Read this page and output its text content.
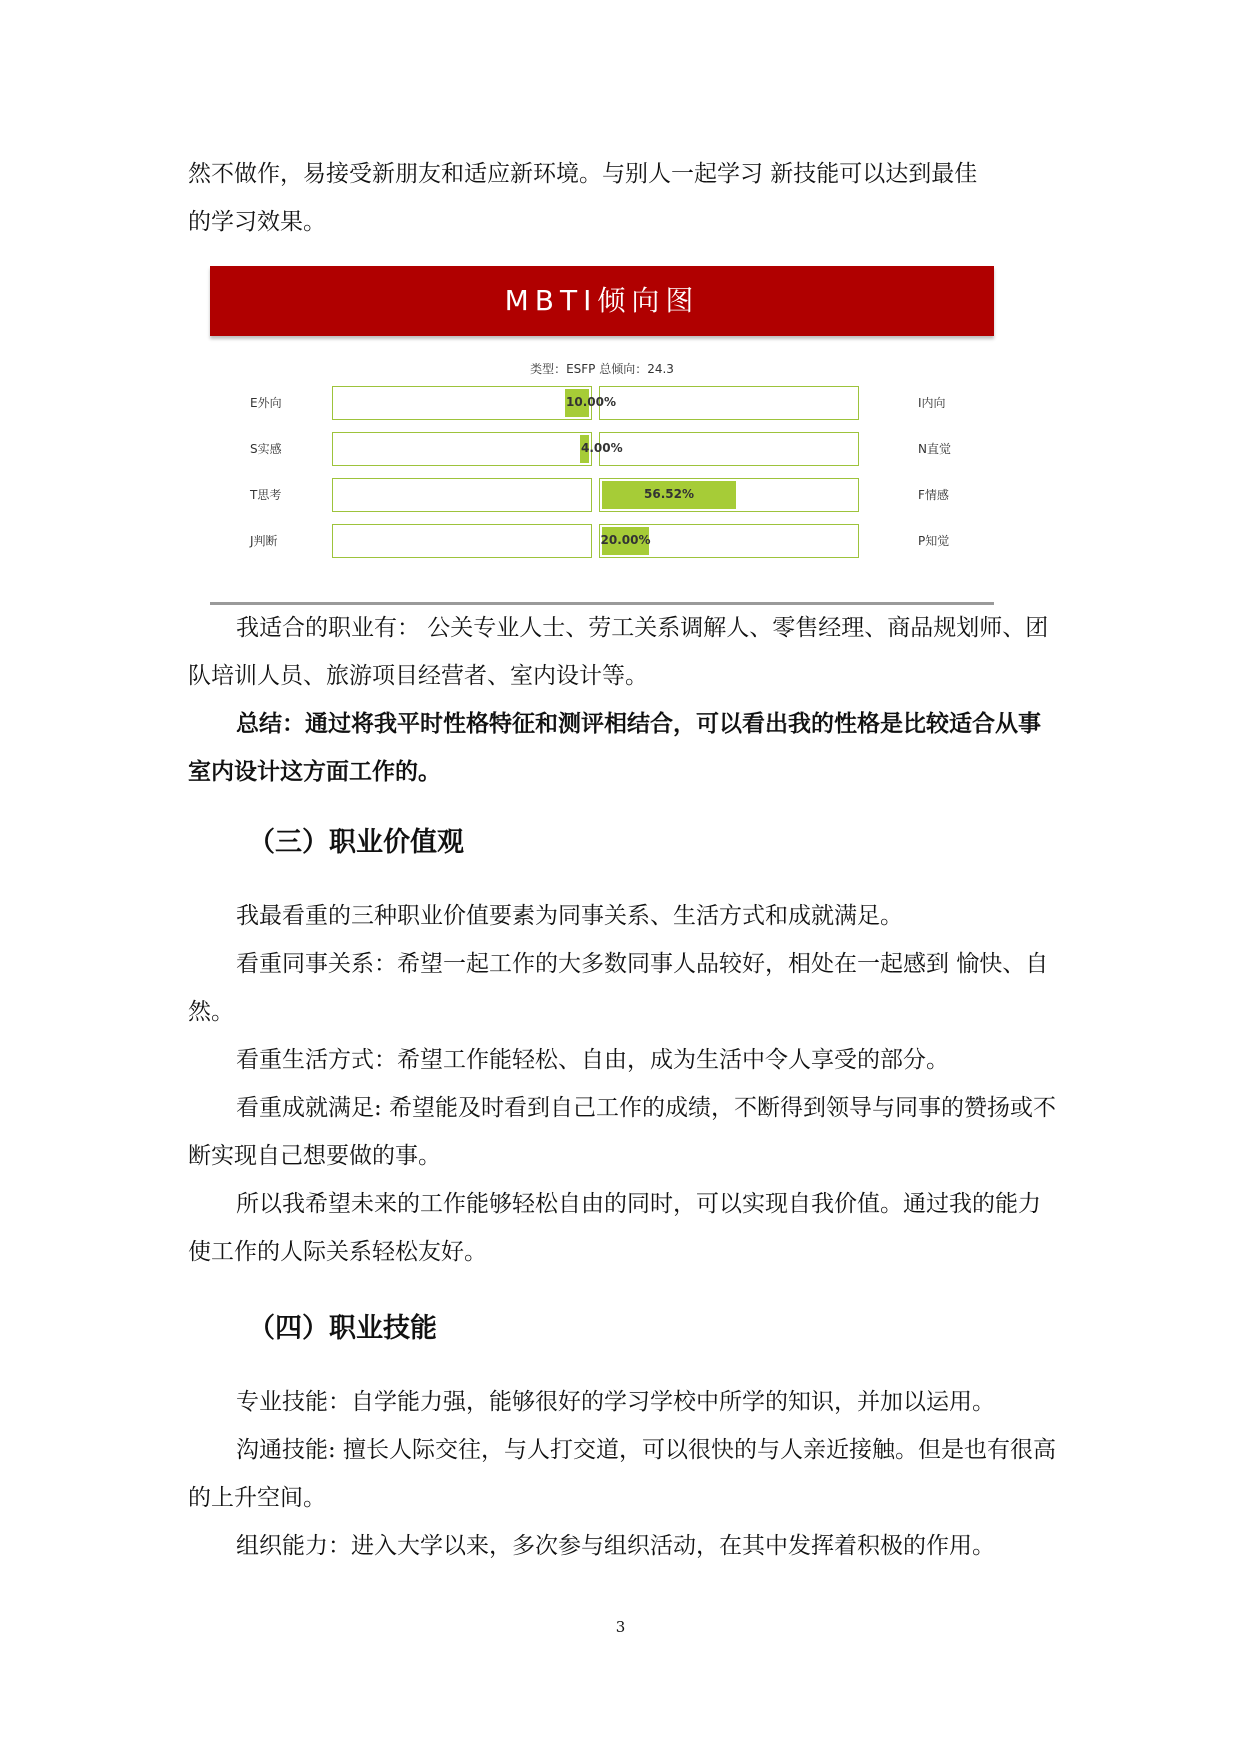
然不做作，易接受新朋友和适应新环境。与别人一起学习 新技能可以达到最佳

的学习效果。

MBTI倾向图
类型：ESFP 总倾向：24.3
E外向	10.00%	I内向
S实感	4.00%	N直觉
T思考	56.52%	F情感
J判断	20.00%	P知觉

我适合的职业有： 公关专业人士、劳工关系调解人、零售经理、商品规划师、团队培训人员、旅游项目经营者、室内设计等。

总结：通过将我平时性格特征和测评相结合，可以看出我的性格是比较适合从事室内设计这方面工作的。

（三）职业价值观

我最看重的三种职业价值要素为同事关系、生活方式和成就满足。

看重同事关系：希望一起工作的大多数同事人品较好，相处在一起感到 愉快、自然。

看重生活方式：希望工作能轻松、自由，成为生活中令人享受的部分。

看重成就满足: 希望能及时看到自己工作的成绩，不断得到领导与同事的赞扬或不断实现自己想要做的事。

所以我希望未来的工作能够轻松自由的同时，可以实现自我价值。通过我的能力使工作的人际关系轻松友好。

（四）职业技能

专业技能：自学能力强，能够很好的学习学校中所学的知识，并加以运用。

沟通技能: 擅长人际交往，与人打交道，可以很快的与人亲近接触。但是也有很高的上升空间。

组织能力：进入大学以来，多次参与组织活动，在其中发挥着积极的作用。

3
